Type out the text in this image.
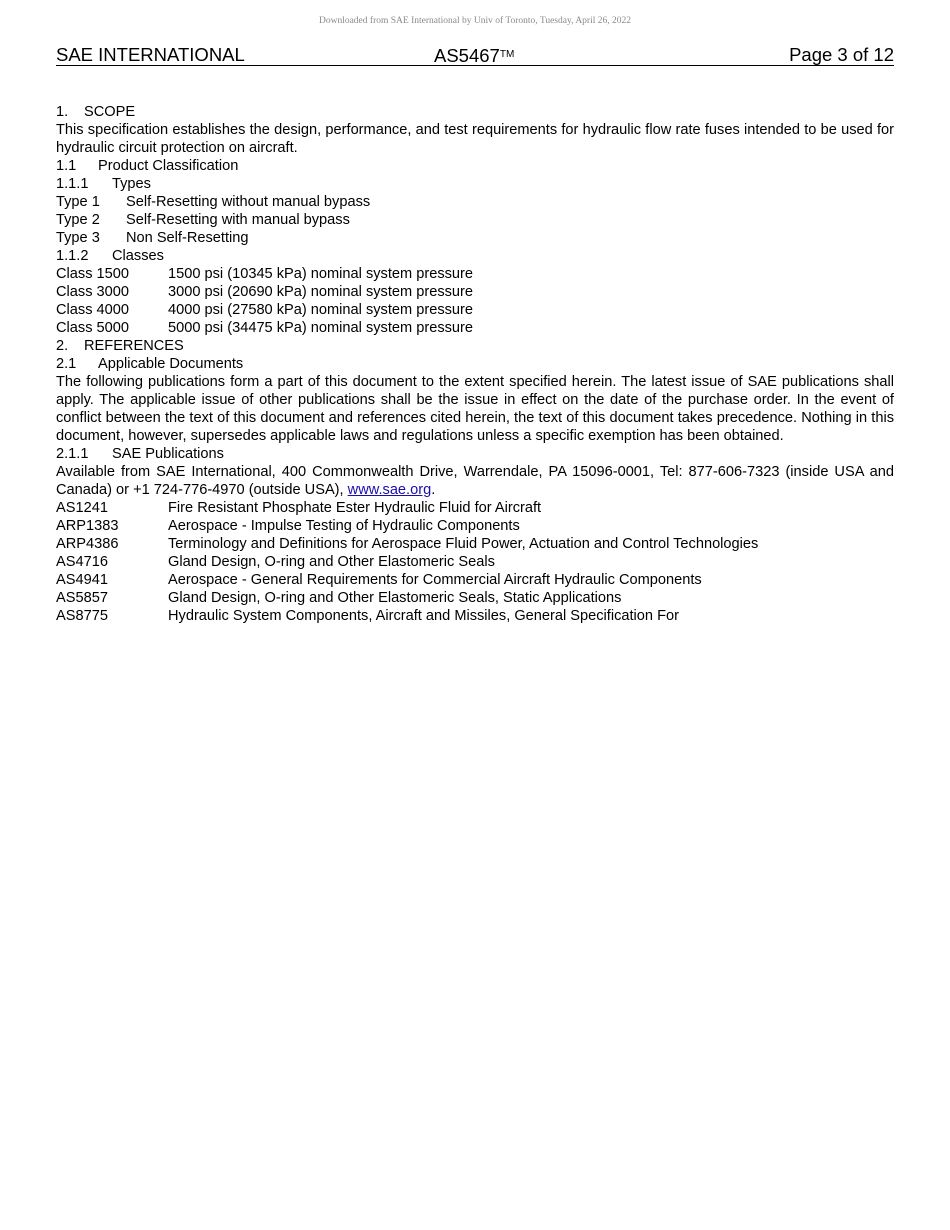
Downloaded from SAE International by Univ of Toronto, Tuesday, April 26, 2022
SAE INTERNATIONAL	AS5467™	Page 3 of 12
1. SCOPE

This specification establishes the design, performance, and test requirements for hydraulic flow rate fuses intended to be used for hydraulic circuit protection on aircraft.

1.1 Product Classification
1.1.1 Types
Type 1	Self-Resetting without manual bypass
Type 2	Self-Resetting with manual bypass
Type 3	Non Self-Resetting
1.1.2 Classes
Class 1500	1500 psi (10345 kPa) nominal system pressure
Class 3000	3000 psi (20690 kPa) nominal system pressure
Class 4000	4000 psi (27580 kPa) nominal system pressure
Class 5000	5000 psi (34475 kPa) nominal system pressure
2. REFERENCES
2.1 Applicable Documents

The following publications form a part of this document to the extent specified herein. The latest issue of SAE publications shall apply. The applicable issue of other publications shall be the issue in effect on the date of the purchase order. In the event of conflict between the text of this document and references cited herein, the text of this document takes precedence. Nothing in this document, however, supersedes applicable laws and regulations unless a specific exemption has been obtained.

2.1.1 SAE Publications

Available from SAE International, 400 Commonwealth Drive, Warrendale, PA 15096-0001, Tel: 877-606-7323 (inside USA and Canada) or +1 724-776-4970 (outside USA), www.sae.org.

AS1241	Fire Resistant Phosphate Ester Hydraulic Fluid for Aircraft
ARP1383	Aerospace - Impulse Testing of Hydraulic Components
ARP4386	Terminology and Definitions for Aerospace Fluid Power, Actuation and Control Technologies
AS4716	Gland Design, O-ring and Other Elastomeric Seals
AS4941	Aerospace - General Requirements for Commercial Aircraft Hydraulic Components
AS5857	Gland Design, O-ring and Other Elastomeric Seals, Static Applications
AS8775	Hydraulic System Components, Aircraft and Missiles, General Specification For
